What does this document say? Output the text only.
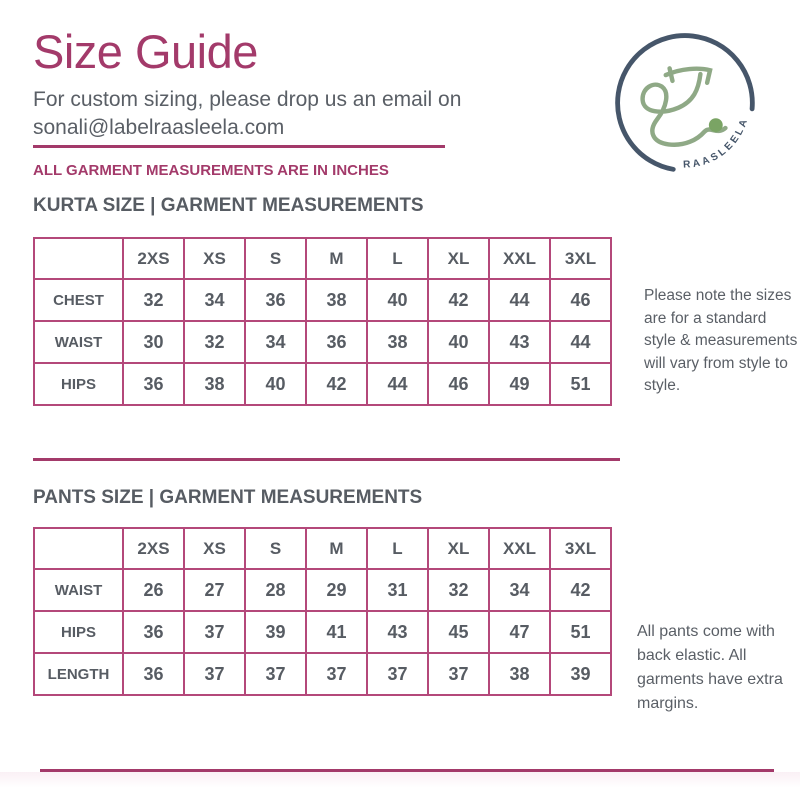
Size Guide
For custom sizing, please drop us an email on
sonali@labelraasleela.com
RAASLEELA
ALL GARMENT MEASUREMENTS ARE IN INCHES
KURTA SIZE | GARMENT MEASUREMENTS
	2XS	XS	S	M	L	XL	XXL	3XL
CHEST	32	34	36	38	40	42	44	46
WAIST	30	32	34	36	38	40	43	44
HIPS	36	38	40	42	44	46	49	51
Please note the sizes are for a standard style & measurements will vary from style to style.
PANTS SIZE | GARMENT MEASUREMENTS
	2XS	XS	S	M	L	XL	XXL	3XL
WAIST	26	27	28	29	31	32	34	42
HIPS	36	37	39	41	43	45	47	51
LENGTH	36	37	37	37	37	37	38	39
All pants come with back elastic. All garments have extra margins.
